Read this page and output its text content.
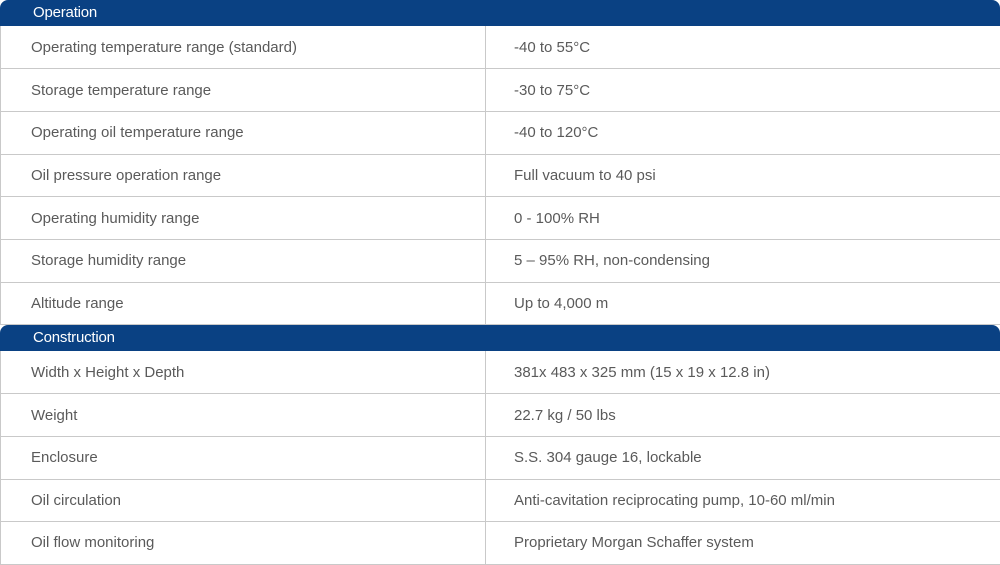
Operation
Operating temperature range (standard)	-40 to 55°C
Storage temperature range	-30 to 75°C
Operating oil temperature range	-40 to 120°C
Oil pressure operation range	Full vacuum to 40 psi
Operating humidity range	0 - 100% RH
Storage humidity range	5 – 95% RH, non-condensing
Altitude range	Up to 4,000 m
Construction
Width x Height x Depth	381x 483 x 325 mm (15 x 19 x 12.8 in)
Weight	22.7 kg / 50 lbs
Enclosure	S.S. 304 gauge 16, lockable
Oil circulation	Anti-cavitation reciprocating pump, 10-60 ml/min
Oil flow monitoring	Proprietary Morgan Schaffer system
